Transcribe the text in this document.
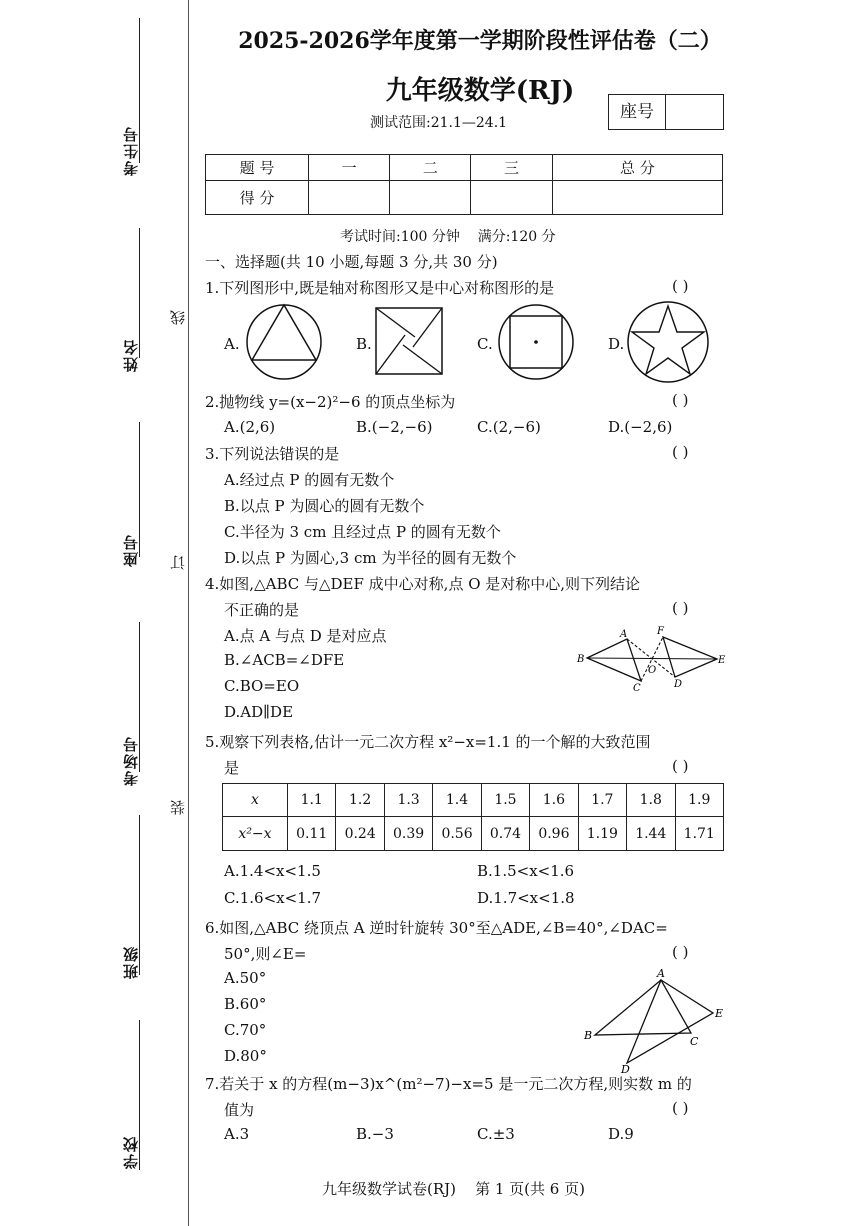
考生号
姓名
线
座号 订
考场号
装
班级
学校
2025-2026学年度第一学期阶段性评估卷（二）
九年级数学(RJ)
测试范围:21.1—24.1
座号
题 号	一	二	三	总 分
得 分				
考试时间:100 分钟    满分:120 分
一、选择题(共 10 小题,每题 3 分,共 30 分)
1.下列图形中,既是轴对称图形又是中心对称图形的是	( )
A.	B.	C.	D.
2.抛物线 y=(x−2)²−6 的顶点坐标为	( )
A.(2,6)	B.(−2,−6)	C.(2,−6)	D.(−2,6)
3.下列说法错误的是	( )
A.经过点 P 的圆有无数个
B.以点 P 为圆心的圆有无数个
C.半径为 3 cm 且经过点 P 的圆有无数个
D.以点 P 为圆心,3 cm 为半径的圆有无数个
4.如图,△ABC 与△DEF 成中心对称,点 O 是对称中心,则下列结论
不正确的是	( )
A.点 A 与点 D 是对应点
B.∠ACB=∠DFE
C.BO=EO
D.AD∥DE
A	F
B
O
E
C	D
5.观察下列表格,估计一元二次方程 x²−x=1.1 的一个解的大致范围
是	( )
x	1.1	1.2	1.3	1.4	1.5	1.6	1.7	1.8	1.9
x²−x	0.11	0.24	0.39	0.56	0.74	0.96	1.19	1.44	1.71
A.1.4<x<1.5	B.1.5<x<1.6
C.1.6<x<1.7	D.1.7<x<1.8
6.如图,△ABC 绕顶点 A 逆时针旋转 30°至△ADE,∠B=40°,∠DAC=
50°,则∠E=	( )
A.50°
B.60°
C.70°
D.80°
A
E
B	C
D
7.若关于 x 的方程(m−3)x^(m²−7)−x=5 是一元二次方程,则实数 m 的
值为	( )
A.3	B.−3	C.±3	D.9
九年级数学试卷(RJ)    第 1 页(共 6 页)
